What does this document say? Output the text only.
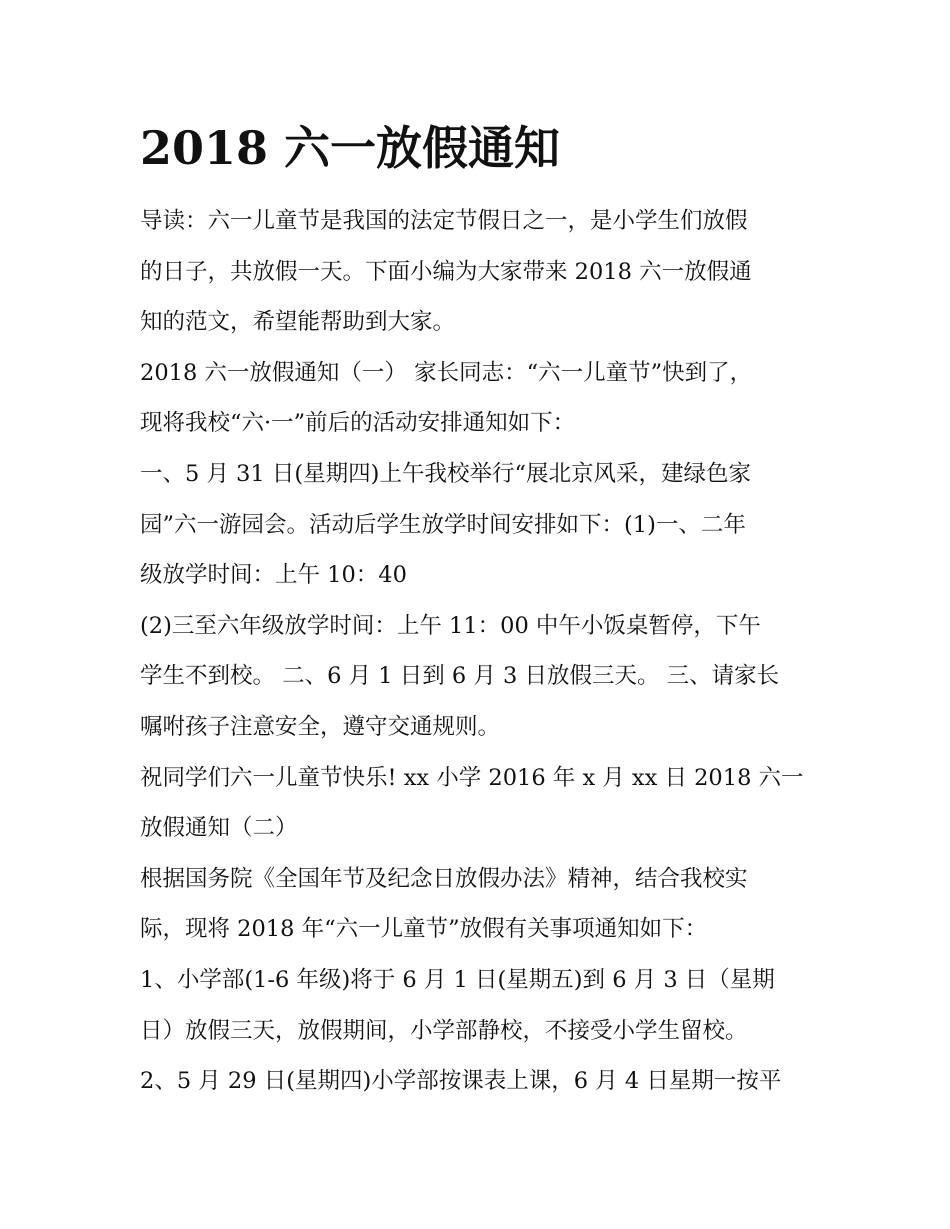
2018 六一放假通知
导读：六一儿童节是我国的法定节假日之一，是小学生们放假
的日子，共放假一天。下面小编为大家带来 2018 六一放假通
知的范文，希望能帮助到大家。
2018 六一放假通知（一） 家长同志：“六一儿童节”快到了，
现将我校“六·一”前后的活动安排通知如下：
一、5 月 31 日(星期四)上午我校举行“展北京风采，建绿色家
园”六一游园会。活动后学生放学时间安排如下：(1)一、二年
级放学时间：上午 10：40
(2)三至六年级放学时间：上午 11：00 中午小饭桌暂停，下午
学生不到校。 二、6 月 1 日到 6 月 3 日放假三天。 三、请家长
嘱咐孩子注意安全，遵守交通规则。
祝同学们六一儿童节快乐! xx 小学 2016 年 x 月 xx 日 2018 六一
放假通知（二）
根据国务院《全国年节及纪念日放假办法》精神，结合我校实
际，现将 2018 年“六一儿童节”放假有关事项通知如下：
1、小学部(1-6 年级)将于 6 月 1 日(星期五)到 6 月 3 日（星期
日）放假三天，放假期间，小学部静校，不接受小学生留校。
2、5 月 29 日(星期四)小学部按课表上课，6 月 4 日星期一按平
